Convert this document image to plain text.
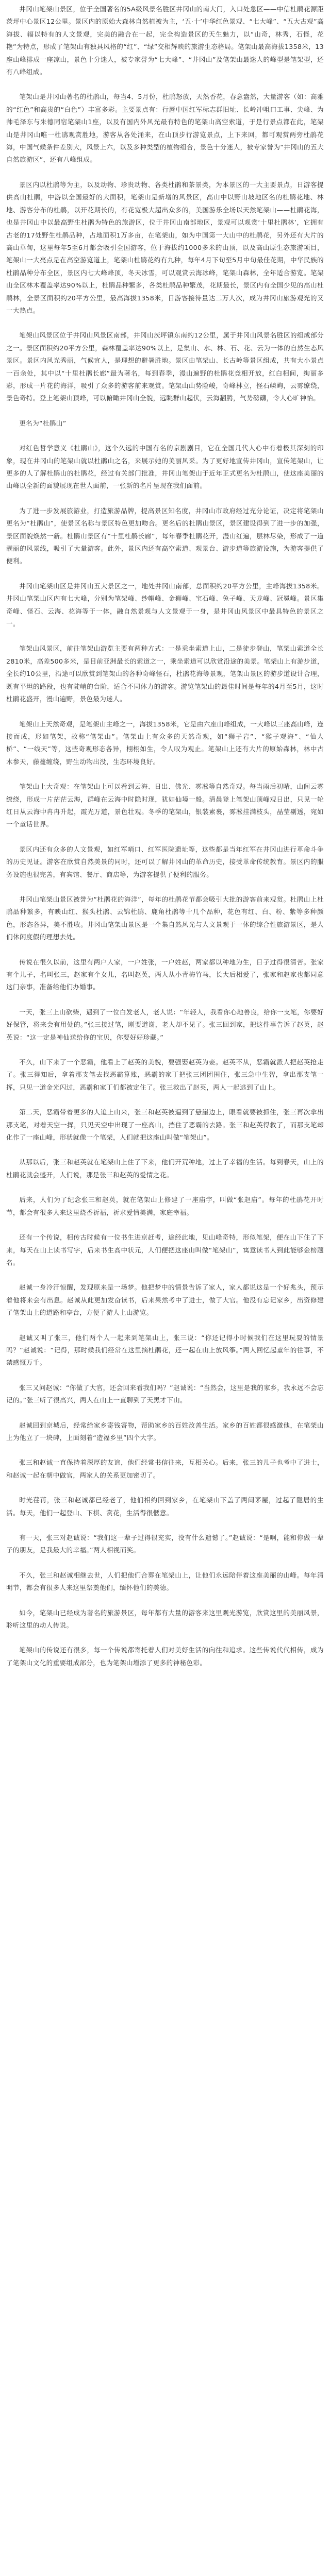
井冈山笔架山景区，位于全国著名的5A级风景名胜区井冈山的南大门，入口处急区——中信杜鹃花源距茨坪中心景区12公里。景区内的原始大森林自然植被为主，‘五·十’中华红色景观、“七大峰”、“五大古观”高海拔、辐以特有的人文景观，完美的融合在一起，完全构造景区的天生魅力，以“山奇，林秀，石怪，花艳”为特点，形成了笔架山有独具风格的“红”、“绿”交相辉映的旅游生态格局。笔架山最高海拔1358米，13座山峰排成一座凉山，景色十分迷人，被专家誉为“七大峰”、“井冈山”及笔架山最迷人的峰型是笔架型，还有八峰组成。

笔架山是井冈山著名的杜鹃山，每当4、5月份，杜鹃怒放，天然香花，春意盎然，大量游客（如：高雅的“红色”和高贵的“白色”）丰富多彩。主要景点有：行唇中国红军标志群旧址、长岭冲咀口工事、尖峰、为帅毛泽东与朱德同宿笔架山1座，以及有国内外风光最有特色的笔架山高空索道，于是行景点都在此，笔架山是井冈山唯一杜鹃观赏胜地，游客从各处涌来，在山顶步行游览景点，上下来回，都可观赏两旁杜鹃花海，中国气候条件差别大，风景上六，以及多种类型的植物组合，景色十分迷人，被专家誉为“井冈山的五大自然旅游区”，还有八峰组成。

景区内以杜鹃等为主，以及动物、珍贵动物、各类杜鹃和茶景类，为本景区的一大主要景点，日游客提供高山杜鹃，中游以全国最好的大面积，笔架山是新增的风景区，高山中以野山坡地区名的杜鹃花地、林地、游客分布的杜鹃，以开花期长的，有花宽极大超出众多的，美国游乐全场以天然笔架山——杜鹃花海，也是井冈山中以最高野生杜鹃为特色的旅游区，位于井冈山南部地区，景观可以观赏‘十里杜鹃林’，它拥有古老的17处野生杜鹃品种，占地面积1万多亩，在笔架山，如为中国第一大山中的杜鹃花，另外还有大片的高山草甸，这里每年5至6月都会吸引全国游客，位于海拔约1000多米的山顶，以及高山原生态旅游项目，笔架山一大亮点是在高空游览道上，笔架山杜鹃花约有九种，每年4月下旬至5月中旬最佳花期，中华民族的杜鹃品种分布全区，景区内七大峰峰顶，冬天冰雪，可以观赏云海冰峰，笔架山森林，全年适合游览。笔架山全区林木覆盖率达90%以上，杜鹃品种繁多，各类杜鹃品种繁茂，花期最长，景区内有全国少见的高山杜鹃林，全景区面积约20平方公里，最高海拔1358米，日游客接待量达二万人次，成为井冈山旅游观光的又一大热点。

笔架山风景区位于井冈山风景区南部，井冈山茨坪镇东南约12公里，属于井冈山风景名胜区的组成部分之一。景区面积约20平方公里，森林覆盖率达90%以上，是集山、水、林、石、花、云为一体的自然生态风景区。景区内风光秀丽，气候宜人，是理想的避暑胜地。景区由笔架山、长古岭等景区组成，共有大小景点一百余处，其中以“十里杜鹃长廊”最为著名，每到春季，漫山遍野的杜鹃花竞相开放，红白相间，绚丽多彩，形成一片花的海洋，吸引了众多的游客前来观赏。笔架山山势险峻，奇峰林立，怪石嶙峋，云雾缭绕，景色奇特。登上笔架山顶峰，可以俯瞰井冈山全貌，远眺群山起伏，云海翻腾，气势磅礴，令人心旷神怡。

更名为“杜鹃山”

对红色哲学意义《杜鹃山》，这个久远的中国有名的京剧剧目，它在全国几代人心中有着极其深刻的印象，现在井冈山的笔架山就以杜鹃山之名，来展示她的美丽风采。为了更好地宣传井冈山，宣传笔架山，让更多的人了解杜鹃山的杜鹃花，经过有关部门批准，井冈山笔架山于近年正式更名为杜鹃山，使这座美丽的山峰以全新的面貌展现在世人面前，一张新的名片呈现在我们面前。

为了进一步发展旅游业，打造旅游品牌，提高景区知名度，井冈山市政府经过充分论证，决定将笔架山更名为“杜鹃山”，使景区名称与景区特色更加吻合。更名后的杜鹃山景区，景区建设得到了进一步的加强，景区面貌焕然一新。杜鹃山景区有“十里杜鹃长廊”，每年春季杜鹃花开，漫山红遍，层林尽染，形成了一道靓丽的风景线，吸引了大量游客。此外，景区内还有高空索道、观景台、游步道等旅游设施，为游客提供了便利。

井冈山笔架山区是井冈山五大景区之一，地处井冈山南部，总面积约20平方公里，主峰海拔1358米。井冈山笔架山区内有七大峰，分别为笔架峰、纱帽峰、金狮峰、宝石峰、兔子峰、天龙峰、冠冕峰。景区集奇峰、怪石、云海、花海等于一体，融自然景观与人文景观于一身，是井冈山风景区中最具特色的景区之一。

笔架山风景区，前往笔架山游览主要有两种方式：一是乘坐索道上山，二是徒步登山，笔架山索道全长2810米，高差500多米，是目前亚洲最长的索道之一，乘坐索道可以欣赏沿途的美景。笔架山上有游步道，全长约10公里，沿途可以欣赏到笔架山的各种奇峰怪石，杜鹃花海等景观，笔架山景区的游步道设计合理，既有平坦的路段，也有陡峭的台阶，适合不同体力的游客。游览笔架山的最佳时间是每年的4月至5月，这时杜鹃花盛开，漫山遍野，景色最为迷人。

笔架山上天然奇观，是笔架山主峰之一，海拔1358米，它是由六座山峰组成，一大峰以三座高山峰，连接而成，形如笔架，故称“笔架山”。笔架山上有众多的天然奇观，如“狮子岩”、“猴子观海”、“仙人桥”、“一线天”等，这些奇观形态各异，栩栩如生，令人叹为观止。笔架山上还有大片的原始森林，林中古木参天，藤蔓缠绕，野生动物出没，生态环境良好。

笔架山上大奇观：在笔架山上可以看到云海、日出、佛光、雾凇等自然奇观。每当雨后初晴，山间云雾缭绕，形成一片茫茫云海，群峰在云海中时隐时现，犹如仙境一般。清晨登上笔架山顶峰观日出，只见一轮红日从云海中冉冉升起，霞光万道，景色壮观。冬季的笔架山，银装素裹，雾凇挂满枝头，晶莹剔透，宛如一个童话世界。

景区内还有众多的人文景观，如红军哨口、红军医院遗址等，这些都是当年红军在井冈山进行革命斗争的历史见证。游客在欣赏自然美景的同时，还可以了解井冈山的革命历史，接受革命传统教育。景区内的服务设施也很完善，有宾馆、餐厅、商店等，为游客提供了便利的服务。

井冈山笔架山景区被誉为“杜鹃花的海洋”，每年的杜鹃花节都会吸引大批的游客前来观赏。杜鹃山上杜鹃品种繁多，有映山红、猴头杜鹃、云锦杜鹃、鹿角杜鹃等十几个品种，花色有红、白、粉、紫等多种颜色，形态各异，美不胜收。井冈山笔架山景区是一个集自然风光与人文景观于一体的综合性旅游景区，是人们休闲度假的理想去处。

传说在很久以前，这里有两户人家，一户姓张，一户姓赵，两家都以种地为生，日子过得很清苦。张家有个儿子，名叫张三，赵家有个女儿，名叫赵英，两人从小青梅竹马，长大后相爱了，张家和赵家也都同意这门亲事，准备给他们办婚事。

一天，张三上山砍柴，遇到了一位白发老人，老人说：“年轻人，我看你心地善良，给你一支笔，你要好好保管，将来会有用处的。”张三接过笔，刚要道谢，老人却不见了。张三回到家，把这件事告诉了赵英，赵英说：“这一定是神仙送给你的宝贝，你要好好珍藏。”

不久，山下来了一个恶霸，他看上了赵英的美貌，要强娶赵英为妾。赵英不从，恶霸就派人把赵英抢走了。张三得知后，拿着那支笔去找恶霸算账，恶霸的家丁把张三团团围住，张三急中生智，拿出那支笔一挥，只见一道金光闪过，恶霸和家丁们都被定住了。张三救出了赵英，两人一起逃到了山上。

第二天，恶霸带着更多的人追上山来，张三和赵英被逼到了悬崖边上，眼看就要被抓住，张三再次拿出那支笔，对着天空一挥，只见天空中出现了一座高山，挡住了恶霸的去路。张三和赵英得救了，而那支笔却化作了一座山峰，形状就像一个笔架，人们就把这座山叫做“笔架山”。

从那以后，张三和赵英就在笔架山上住了下来，他们开荒种地，过上了幸福的生活。每到春天，山上的杜鹃花就会盛开，人们说，那是张三和赵英的爱情之花。

后来，人们为了纪念张三和赵英，就在笔架山上修建了一座庙宇，叫做“张赵庙”。每年的杜鹃花开时节，都会有很多人来这里烧香祈福，祈求爱情美满，家庭幸福。

还有一个传说，相传古时候有一位书生进京赶考，途经此地，见山峰奇特，形似笔架，便在山下住了下来，每天在山上读书写字，后来书生高中状元，人们便把这座山叫做“笔架山”，寓意读书人到此能够金榜题名。

赵诚一身冷汗惊醒，发现原来是一场梦。他把梦中的情景告诉了家人，家人都说这是一个好兆头，预示着他将来会有出息。赵诚从此更加发奋读书，后来果然考中了进士，做了大官。他没有忘记家乡，出资修建了笔架山上的道路和亭台，方便了游人上山游览。

赵诚又叫了张三，他们两个人一起来到笔架山上，张三说：“你还记得小时候我们在这里玩耍的情景吗？”赵诚说：“记得，那时候我们经常在这里摘杜鹃花，还一起在山上放风筝。”两人回忆起童年的往事，不禁感慨万千。

张三又问赵诚：“你做了大官，还会回来看我们吗？”赵诚说：“当然会，这里是我的家乡，我永远不会忘记的。”张三听了很高兴，两人在山上一直聊到了天黑才下山。

赵诚回到京城后，经常给家乡寄钱寄物，帮助家乡的百姓改善生活。家乡的百姓都很感激他，在笔架山上为他立了一块碑，上面刻着“造福乡里”四个大字。

张三和赵诚一直保持着深厚的友谊，他们经常书信往来，互相关心。后来，张三的儿子也考中了进士，和赵诚一起在朝中做官，两家人的关系更加密切了。

时光荏苒，张三和赵诚都已经老了，他们相约回到家乡，在笔架山下盖了两间茅屋，过起了隐居的生活。每天，他们一起登山、下棋、赏花，生活得很惬意。

有一天，张三对赵诚说：“我们这一辈子过得很充实，没有什么遗憾了。”赵诚说：“是啊，能和你做一辈子的朋友，是我最大的幸福。”两人相视而笑。

不久，张三和赵诚相继去世，人们把他们合葬在笔架山上，让他们永远陪伴着这座美丽的山峰。每年清明节，都会有很多人来这里祭奠他们，缅怀他们的美德。

如今，笔架山已经成为著名的旅游景区，每年都有大量的游客来这里观光游览，欣赏这里的美丽风景，聆听这里的动人传说。

笔架山的传说还有很多，每一个传说都寄托着人们对美好生活的向往和追求。这些传说代代相传，成为了笔架山文化的重要组成部分，也为笔架山增添了更多的神秘色彩。
